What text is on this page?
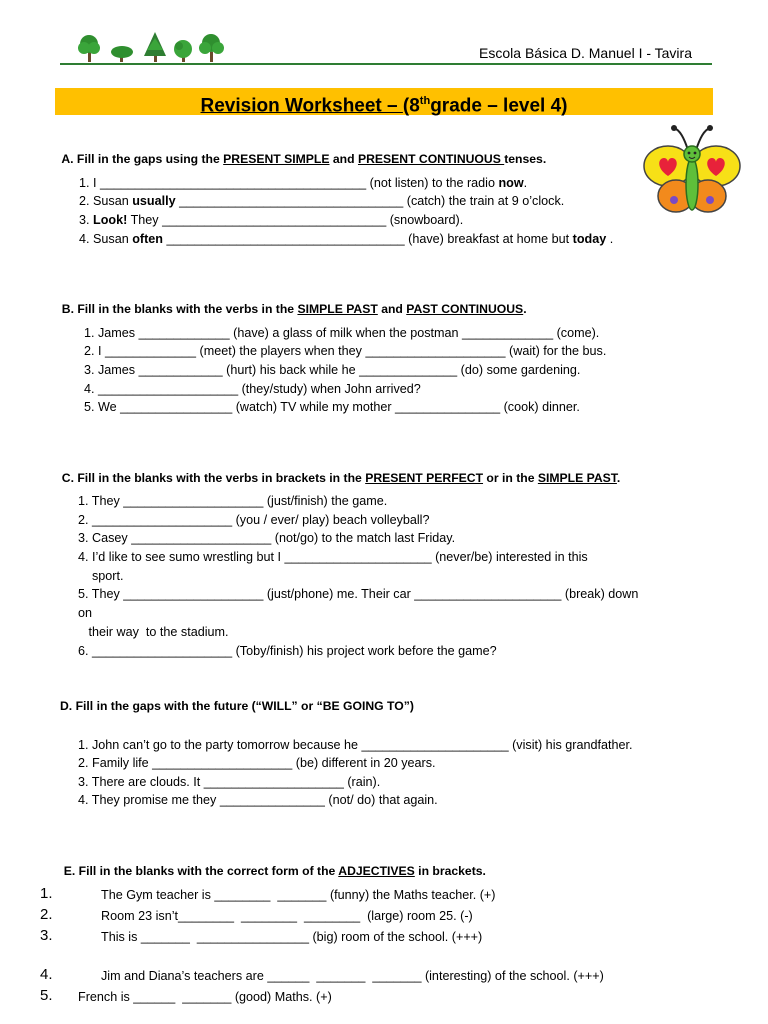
Escola Básica D. Manuel I - Tavira
Revision Worksheet – (8thgrade – level 4)

A. Fill in the gaps using the PRESENT SIMPLE and PRESENT CONTINUOUS tenses.

1. I ______________________________________ (not listen) to the radio now.
2. Susan usually ________________________________ (catch) the train at 9 o’clock.
3. Look! They ________________________________ (snowboard).
4. Susan often __________________________________ (have) breakfast at home but today .

B. Fill in the blanks with the verbs in the SIMPLE PAST and PAST CONTINUOUS.

1. James _____________ (have) a glass of milk when the postman _____________ (come).
2. I _____________ (meet) the players when they ____________________ (wait) for the bus.
3. James ____________ (hurt) his back while he ______________ (do) some gardening.
4. ____________________ (they/study) when John arrived?
5. We ________________ (watch) TV while my mother _______________ (cook) dinner.

C. Fill in the blanks with the verbs in brackets in the PRESENT PERFECT or in the SIMPLE PAST.

1. They ____________________ (just/finish) the game.
2. ____________________ (you / ever/ play) beach volleyball?
3. Casey ____________________ (not/go) to the match last Friday.
4. I’d like to see sumo wrestling but I _____________________ (never/be) interested in this
sport.
5. They ____________________ (just/phone) me. Their car _____________________ (break) down
on
their way  to the stadium.
6. ____________________ (Toby/finish) his project work before the game?
D. Fill in the gaps with the future (“WILL” or “BE GOING TO”)
1. John can’t go to the party tomorrow because he _____________________ (visit) his grandfather.
2. Family life ____________________ (be) different in 20 years.
3. There are clouds. It ____________________ (rain).
4. They promise me they _______________ (not/ do) that again.

E. Fill in the blanks with the correct form of the ADJECTIVES in brackets.

1.	The Gym teacher is ________  _______ (funny) the Maths teacher. (+)
2.	Room 23 isn’t________  ________  ________  (large) room 25. (-)
3.	This is _______  ________________ (big) room of the school. (+++)
4.	Jim and Diana’s teachers are ______  _______  _______ (interesting) of the school. (+++)
5. French is ______  _______ (good) Maths. (+)
